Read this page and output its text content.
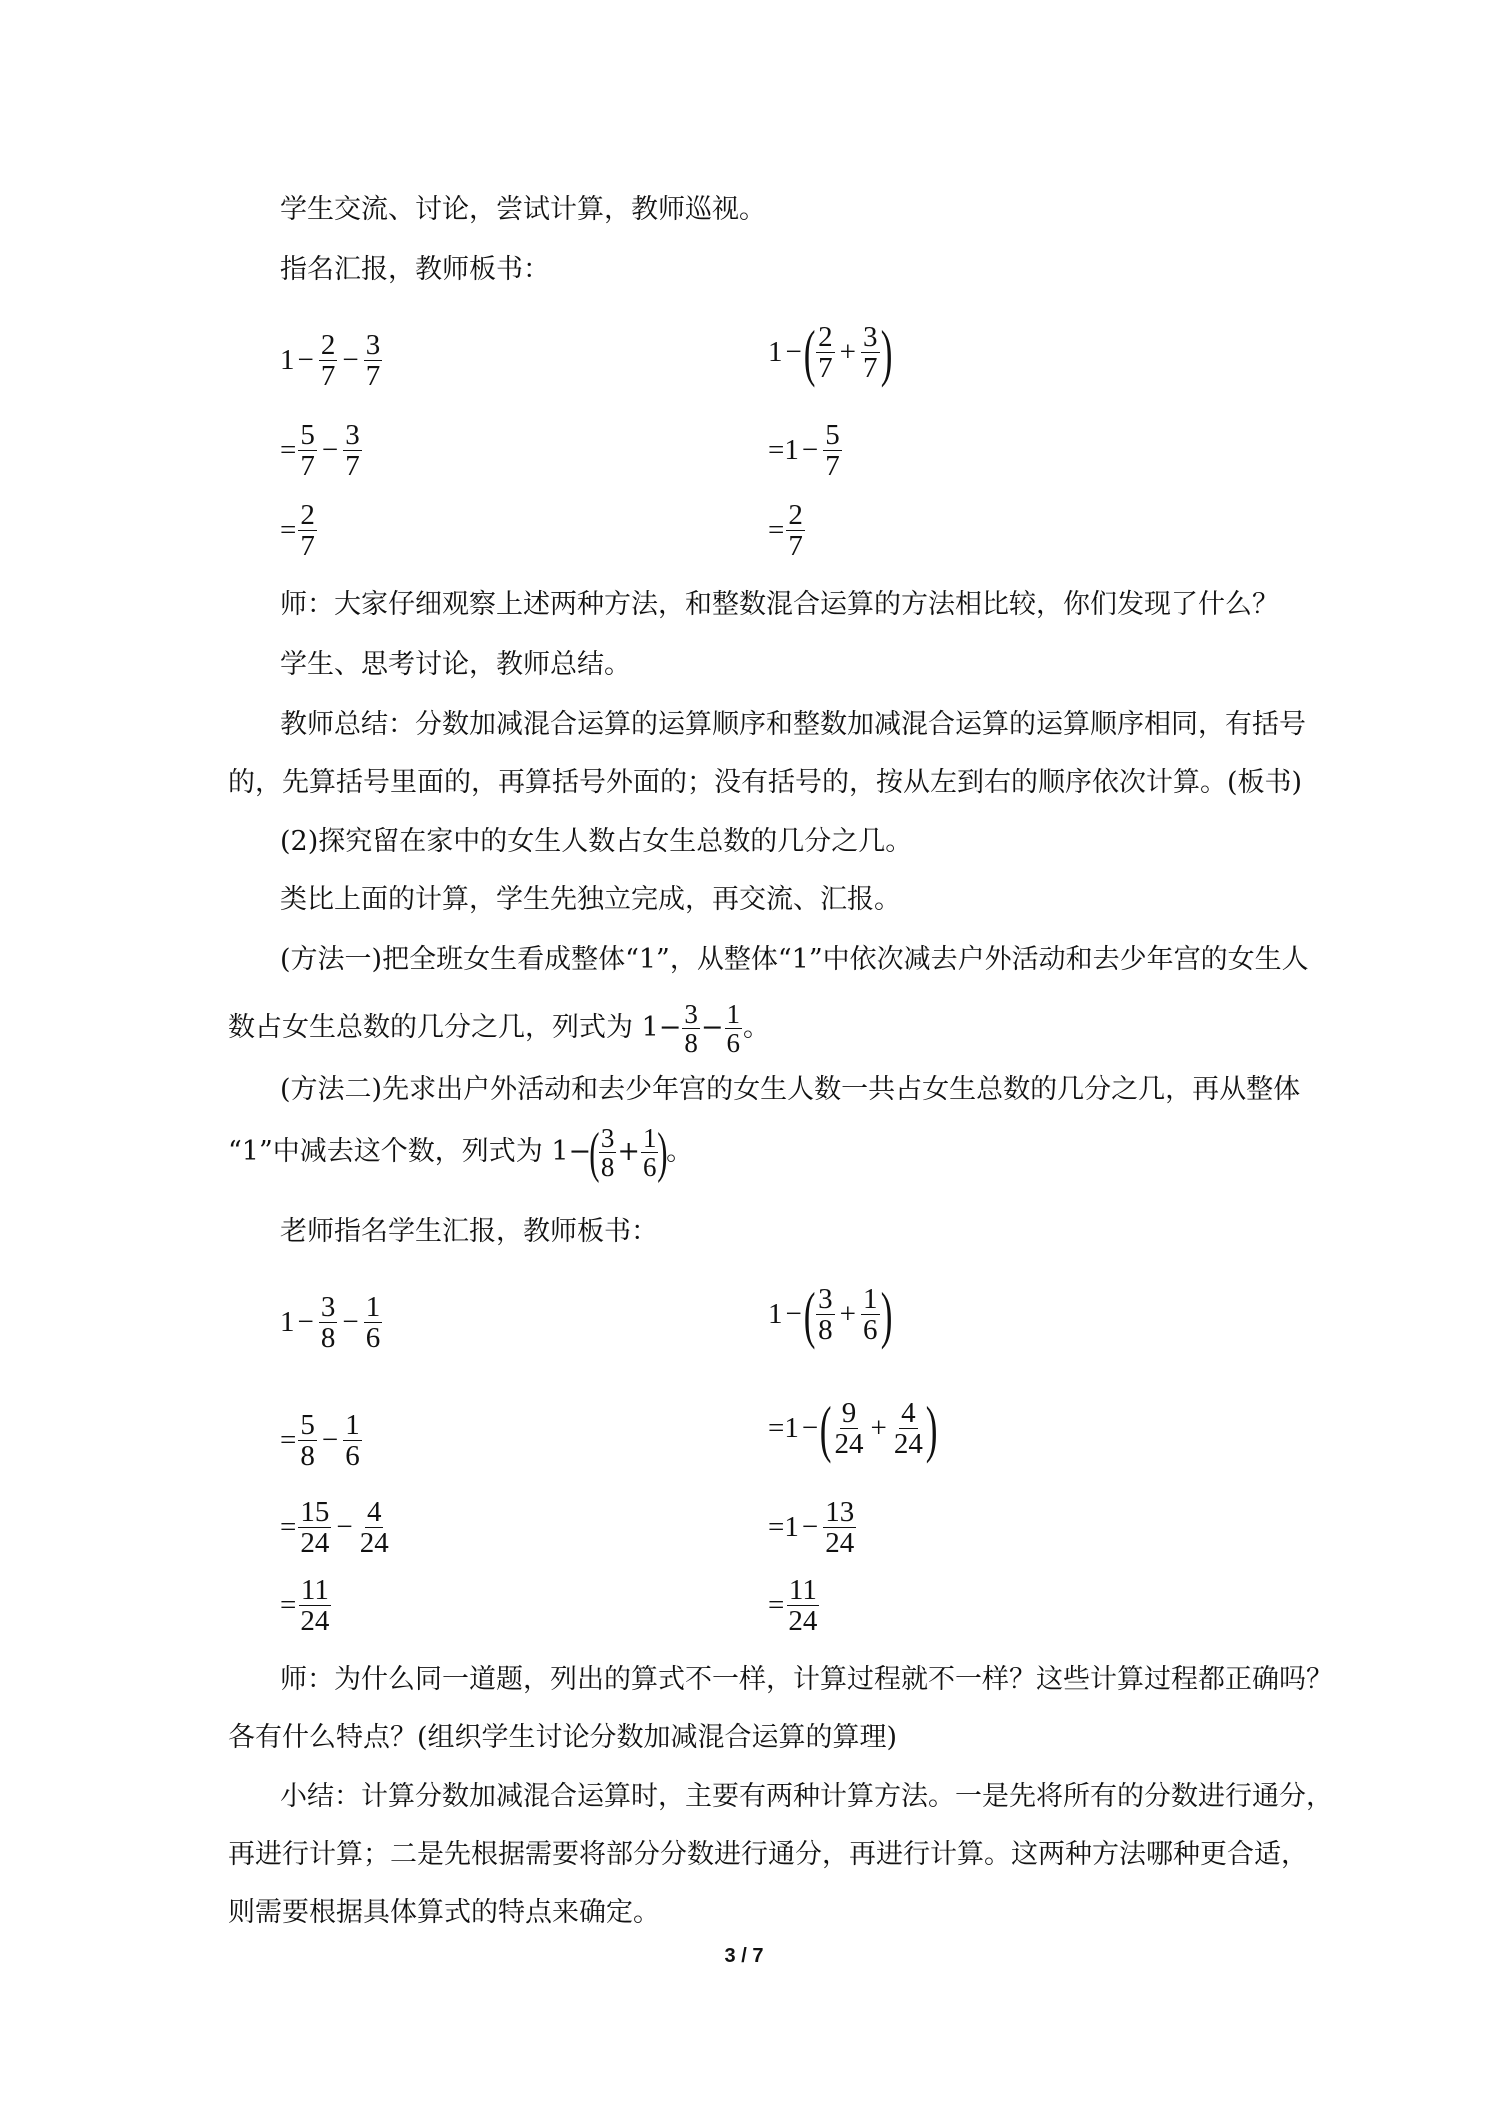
学生交流、讨论，尝试计算，教师巡视。
指名汇报，教师板书：
$1 - \frac{2}{7} - \frac{3}{7}$
= $\frac{5}{7} - \frac{3}{7}$
= $\frac{2}{7}$
1 −( $\frac{2}{7} + \frac{3}{7}$ )
$=1 - \frac{5}{7}$
= $\frac{2}{7}$
师：大家仔细观察上述两种方法，和整数混合运算的方法相比较，你们发现了什么？
学生、思考讨论，教师总结。
教师总结：分数加减混合运算的运算顺序和整数加减混合运算的运算顺序相同，有括号
的，先算括号里面的，再算括号外面的；没有括号的，按从左到右的顺序依次计算。(板书)
(2)探究留在家中的女生人数占女生总数的几分之几。
类比上面的计算，学生先独立完成，再交流、汇报。
(方法一)把全班女生看成整体“1”，从整体“1”中依次减去户外活动和去少年宫的女生人
数占女生总数的几分之几，列式为 $1- \frac{3}{8} - \frac{1}{6}$ 。
(方法二)先求出户外活动和去少年宫的女生人数一共占女生总数的几分之几，再从整体
“1”中减去这个数，列式为 $1-( \frac{3}{8} + \frac{1}{6}$ )。
老师指名学生汇报，教师板书：
$1 - \frac{3}{8} - \frac{1}{6}$
= $\frac{5}{8} - \frac{1}{6}$
= $\frac{15}{24} - \frac{4}{24}$
= $\frac{11}{24}$
1 −( $\frac{3}{8} + \frac{1}{6}$ )
=1 −( $\frac{9}{24} + \frac{4}{24}$ )
$=1 - \frac{13}{24}$
= $\frac{11}{24}$
师：为什么同一道题，列出的算式不一样，计算过程就不一样？这些计算过程都正确吗？
各有什么特点？(组织学生讨论分数加减混合运算的算理)
小结：计算分数加减混合运算时，主要有两种计算方法。一是先将所有的分数进行通分，
再进行计算；二是先根据需要将部分分数进行通分，再进行计算。这两种方法哪种更合适，
则需要根据具体算式的特点来确定。
3 / 7
